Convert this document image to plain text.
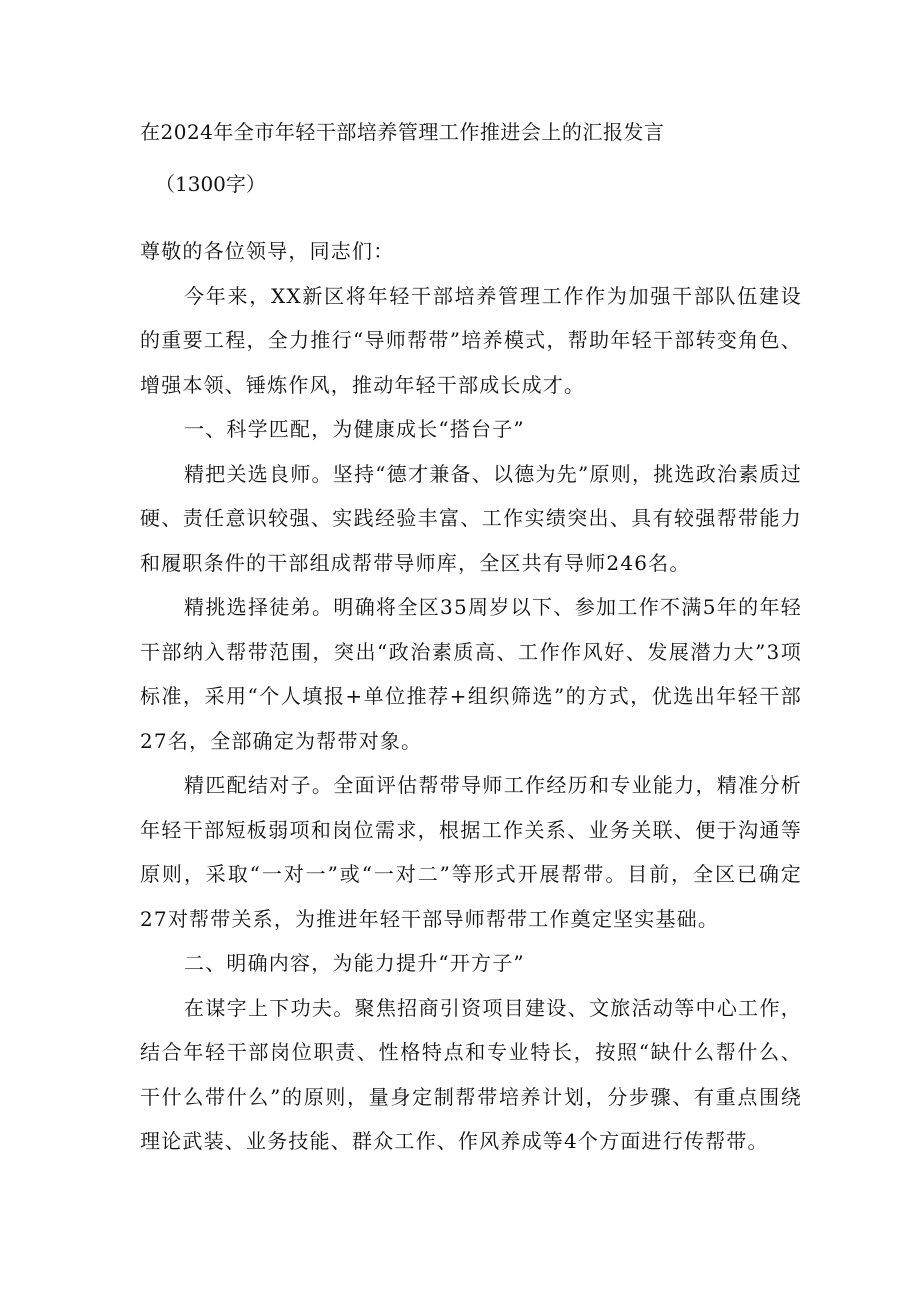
在2024年全市年轻干部培养管理工作推进会上的汇报发言
（1300字）

尊敬的各位领导，同志们：

今年来，XX新区将年轻干部培养管理工作作为加强干部队伍建设的重要工程，全力推行“导师帮带”培养模式，帮助年轻干部转变角色、增强本领、锤炼作风，推动年轻干部成长成才。

一、科学匹配，为健康成长“搭台子”

精把关选良师。坚持“德才兼备、以德为先”原则，挑选政治素质过硬、责任意识较强、实践经验丰富、工作实绩突出、具有较强帮带能力和履职条件的干部组成帮带导师库，全区共有导师246名。

精挑选择徒弟。明确将全区35周岁以下、参加工作不满5年的年轻干部纳入帮带范围，突出“政治素质高、工作作风好、发展潜力大”3项标准，采用“个人填报+单位推荐+组织筛选”的方式，优选出年轻干部27名，全部确定为帮带对象。

精匹配结对子。全面评估帮带导师工作经历和专业能力，精准分析年轻干部短板弱项和岗位需求，根据工作关系、业务关联、便于沟通等原则，采取“一对一”或“一对二”等形式开展帮带。目前，全区已确定27对帮带关系，为推进年轻干部导师帮带工作奠定坚实基础。

二、明确内容，为能力提升“开方子”

在谋字上下功夫。聚焦招商引资项目建设、文旅活动等中心工作，结合年轻干部岗位职责、性格特点和专业特长，按照“缺什么帮什么、干什么带什么”的原则，量身定制帮带培养计划，分步骤、有重点围绕理论武装、业务技能、群众工作、作风养成等4个方面进行传帮带。
